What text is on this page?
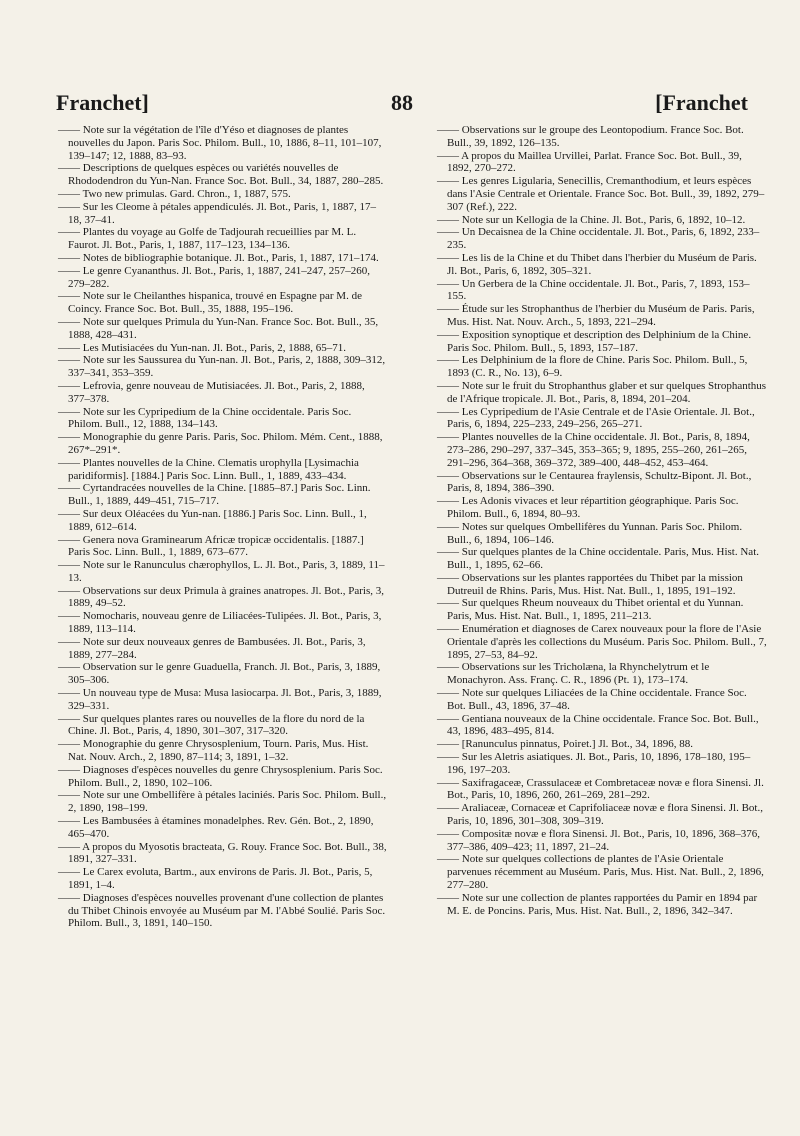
Franchet]	88	[Franchet

—— Note sur la végétation de l'île d'Yéso et diagnoses de plantes nouvelles du Japon. Paris Soc. Philom. Bull., 10, 1886, 8–11, 101–107, 139–147; 12, 1888, 83–93.

—— Descriptions de quelques espèces ou variétés nouvelles de Rhododendron du Yun-Nan. France Soc. Bot. Bull., 34, 1887, 280–285.

—— Two new primulas. Gard. Chron., 1, 1887, 575.

—— Sur les Cleome à pétales appendiculés. Jl. Bot., Paris, 1, 1887, 17–18, 37–41.

—— Plantes du voyage au Golfe de Tadjourah recueillies par M. L. Faurot. Jl. Bot., Paris, 1, 1887, 117–123, 134–136.

—— Notes de bibliographie botanique. Jl. Bot., Paris, 1, 1887, 171–174.

—— Le genre Cyananthus. Jl. Bot., Paris, 1, 1887, 241–247, 257–260, 279–282.

—— Note sur le Cheilanthes hispanica, trouvé en Espagne par M. de Coincy. France Soc. Bot. Bull., 35, 1888, 195–196.

—— Note sur quelques Primula du Yun-Nan. France Soc. Bot. Bull., 35, 1888, 428–431.

—— Les Mutisiacées du Yun-nan. Jl. Bot., Paris, 2, 1888, 65–71.

—— Note sur les Saussurea du Yun-nan. Jl. Bot., Paris, 2, 1888, 309–312, 337–341, 353–359.

—— Lefrovia, genre nouveau de Mutisiacées. Jl. Bot., Paris, 2, 1888, 377–378.

—— Note sur les Cypripedium de la Chine occidentale. Paris Soc. Philom. Bull., 12, 1888, 134–143.

—— Monographie du genre Paris. Paris, Soc. Philom. Mém. Cent., 1888, 267*–291*.

—— Plantes nouvelles de la Chine. Clematis urophylla [Lysimachia paridiformis]. [1884.] Paris Soc. Linn. Bull., 1, 1889, 433–434.

—— Cyrtandracées nouvelles de la Chine. [1885–87.] Paris Soc. Linn. Bull., 1, 1889, 449–451, 715–717.

—— Sur deux Oléacées du Yun-nan. [1886.] Paris Soc. Linn. Bull., 1, 1889, 612–614.

—— Genera nova Graminearum Africæ tropicæ occidentalis. [1887.] Paris Soc. Linn. Bull., 1, 1889, 673–677.

—— Note sur le Ranunculus chærophyllos, L. Jl. Bot., Paris, 3, 1889, 11–13.

—— Observations sur deux Primula à graines anatropes. Jl. Bot., Paris, 3, 1889, 49–52.

—— Nomocharis, nouveau genre de Liliacées-Tulipées. Jl. Bot., Paris, 3, 1889, 113–114.

—— Note sur deux nouveaux genres de Bambusées. Jl. Bot., Paris, 3, 1889, 277–284.

—— Observation sur le genre Guaduella, Franch. Jl. Bot., Paris, 3, 1889, 305–306.

—— Un nouveau type de Musa: Musa lasiocarpa. Jl. Bot., Paris, 3, 1889, 329–331.

—— Sur quelques plantes rares ou nouvelles de la flore du nord de la Chine. Jl. Bot., Paris, 4, 1890, 301–307, 317–320.

—— Monographie du genre Chrysosplenium, Tourn. Paris, Mus. Hist. Nat. Nouv. Arch., 2, 1890, 87–114; 3, 1891, 1–32.

—— Diagnoses d'espèces nouvelles du genre Chrysosplenium. Paris Soc. Philom. Bull., 2, 1890, 102–106.

—— Note sur une Ombellifère à pétales laciniés. Paris Soc. Philom. Bull., 2, 1890, 198–199.

—— Les Bambusées à étamines monadelphes. Rev. Gén. Bot., 2, 1890, 465–470.

—— A propos du Myosotis bracteata, G. Rouy. France Soc. Bot. Bull., 38, 1891, 327–331.

—— Le Carex evoluta, Bartm., aux environs de Paris. Jl. Bot., Paris, 5, 1891, 1–4.

—— Diagnoses d'espèces nouvelles provenant d'une collection de plantes du Thibet Chinois envoyée au Muséum par M. l'Abbé Soulié. Paris Soc. Philom. Bull., 3, 1891, 140–150.

—— Observations sur le groupe des Leontopodium. France Soc. Bot. Bull., 39, 1892, 126–135.

—— A propos du Maillea Urvillei, Parlat. France Soc. Bot. Bull., 39, 1892, 270–272.

—— Les genres Ligularia, Senecillis, Cremanthodium, et leurs espèces dans l'Asie Centrale et Orientale. France Soc. Bot. Bull., 39, 1892, 279–307 (Ref.), 222.

—— Note sur un Kellogia de la Chine. Jl. Bot., Paris, 6, 1892, 10–12.

—— Un Decaisnea de la Chine occidentale. Jl. Bot., Paris, 6, 1892, 233–235.

—— Les lis de la Chine et du Thibet dans l'herbier du Muséum de Paris. Jl. Bot., Paris, 6, 1892, 305–321.

—— Un Gerbera de la Chine occidentale. Jl. Bot., Paris, 7, 1893, 153–155.

—— Étude sur les Strophanthus de l'herbier du Muséum de Paris. Paris, Mus. Hist. Nat. Nouv. Arch., 5, 1893, 221–294.

—— Exposition synoptique et description des Delphinium de la Chine. Paris Soc. Philom. Bull., 5, 1893, 157–187.

—— Les Delphinium de la flore de Chine. Paris Soc. Philom. Bull., 5, 1893 (C. R., No. 13), 6–9.

—— Note sur le fruit du Strophanthus glaber et sur quelques Strophanthus de l'Afrique tropicale. Jl. Bot., Paris, 8, 1894, 201–204.

—— Les Cypripedium de l'Asie Centrale et de l'Asie Orientale. Jl. Bot., Paris, 6, 1894, 225–233, 249–256, 265–271.

—— Plantes nouvelles de la Chine occidentale. Jl. Bot., Paris, 8, 1894, 273–286, 290–297, 337–345, 353–365; 9, 1895, 255–260, 261–265, 291–296, 364–368, 369–372, 389–400, 448–452, 453–464.

—— Observations sur le Centaurea fraylensis, Schultz-Bipont. Jl. Bot., Paris, 8, 1894, 386–390.

—— Les Adonis vivaces et leur répartition géographique. Paris Soc. Philom. Bull., 6, 1894, 80–93.

—— Notes sur quelques Ombellifères du Yunnan. Paris Soc. Philom. Bull., 6, 1894, 106–146.

—— Sur quelques plantes de la Chine occidentale. Paris, Mus. Hist. Nat. Bull., 1, 1895, 62–66.

—— Observations sur les plantes rapportées du Thibet par la mission Dutreuil de Rhins. Paris, Mus. Hist. Nat. Bull., 1, 1895, 191–192.

—— Sur quelques Rheum nouveaux du Thibet oriental et du Yunnan. Paris, Mus. Hist. Nat. Bull., 1, 1895, 211–213.

—— Enumération et diagnoses de Carex nouveaux pour la flore de l'Asie Orientale d'après les collections du Muséum. Paris Soc. Philom. Bull., 7, 1895, 27–53, 84–92.

—— Observations sur les Tricholæna, la Rhynchelytrum et le Monachyron. Ass. Franç. C. R., 1896 (Pt. 1), 173–174.

—— Note sur quelques Liliacées de la Chine occidentale. France Soc. Bot. Bull., 43, 1896, 37–48.

—— Gentiana nouveaux de la Chine occidentale. France Soc. Bot. Bull., 43, 1896, 483–495, 814.

—— [Ranunculus pinnatus, Poiret.] Jl. Bot., 34, 1896, 88.

—— Sur les Aletris asiatiques. Jl. Bot., Paris, 10, 1896, 178–180, 195–196, 197–203.

—— Saxifragaceæ, Crassulaceæ et Combretaceæ novæ e flora Sinensi. Jl. Bot., Paris, 10, 1896, 260, 261–269, 281–292.

—— Araliaceæ, Cornaceæ et Caprifoliaceæ novæ e flora Sinensi. Jl. Bot., Paris, 10, 1896, 301–308, 309–319.

—— Compositæ novæ e flora Sinensi. Jl. Bot., Paris, 10, 1896, 368–376, 377–386, 409–423; 11, 1897, 21–24.

—— Note sur quelques collections de plantes de l'Asie Orientale parvenues récemment au Muséum. Paris, Mus. Hist. Nat. Bull., 2, 1896, 277–280.

—— Note sur une collection de plantes rapportées du Pamir en 1894 par M. E. de Poncins. Paris, Mus. Hist. Nat. Bull., 2, 1896, 342–347.
